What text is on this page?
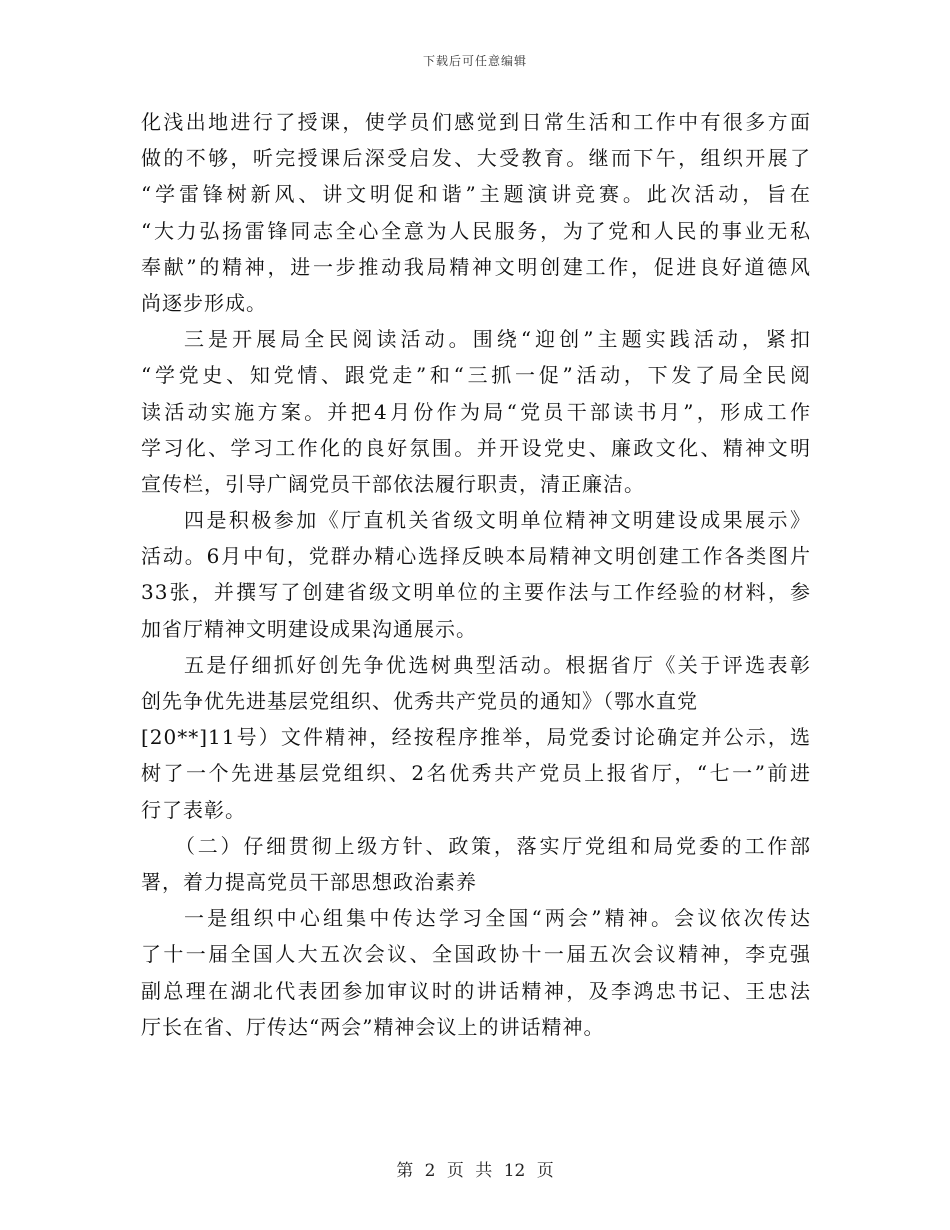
下载后可任意编辑
化浅出地进行了授课，使学员们感觉到日常生活和工作中有很多方面
做的不够，听完授课后深受启发、大受教育。继而下午，组织开展了
“学雷锋树新风、讲文明促和谐”主题演讲竞赛。此次活动，旨在
“大力弘扬雷锋同志全心全意为人民服务，为了党和人民的事业无私
奉献”的精神，进一步推动我局精神文明创建工作，促进良好道德风
尚逐步形成。
三是开展局全民阅读活动。围绕“迎创”主题实践活动，紧扣
“学党史、知党情、跟党走”和“三抓一促”活动，下发了局全民阅
读活动实施方案。并把4月份作为局“党员干部读书月”，形成工作
学习化、学习工作化的良好氛围。并开设党史、廉政文化、精神文明
宣传栏，引导广阔党员干部依法履行职责，清正廉洁。
四是积极参加《厅直机关省级文明单位精神文明建设成果展示》
活动。6月中旬，党群办精心选择反映本局精神文明创建工作各类图片
33张，并撰写了创建省级文明单位的主要作法与工作经验的材料，参
加省厅精神文明建设成果沟通展示。
五是仔细抓好创先争优选树典型活动。根据省厅《关于评选表彰
创先争优先进基层党组织、优秀共产党员的通知》（鄂水直党
[20**]11号）文件精神，经按程序推举，局党委讨论确定并公示，选
树了一个先进基层党组织、2名优秀共产党员上报省厅，“七一”前进
行了表彰。
（二）仔细贯彻上级方针、政策，落实厅党组和局党委的工作部
署，着力提高党员干部思想政治素养
一是组织中心组集中传达学习全国“两会”精神。会议依次传达
了十一届全国人大五次会议、全国政协十一届五次会议精神，李克强
副总理在湖北代表团参加审议时的讲话精神，及李鸿忠书记、王忠法
厅长在省、厅传达“两会”精神会议上的讲话精神。
第 2 页 共 12 页
